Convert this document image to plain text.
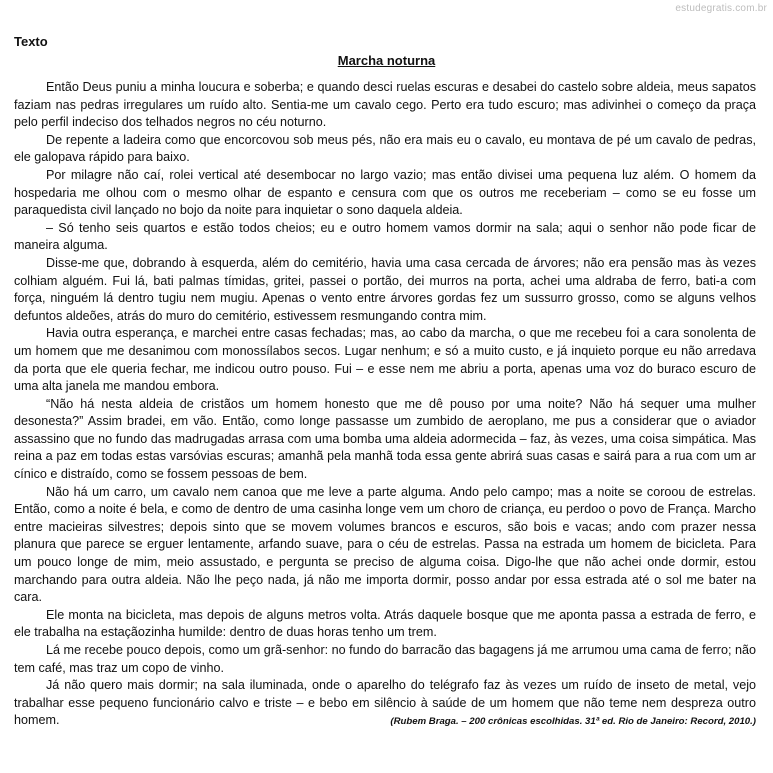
estudegratis.com.br
Texto
Marcha noturna

Então Deus puniu a minha loucura e soberba; e quando desci ruelas escuras e desabei do castelo sobre aldeia, meus sapatos faziam nas pedras irregulares um ruído alto. Sentia-me um cavalo cego. Perto era tudo escuro; mas adivinhei o começo da praça pelo perfil indeciso dos telhados negros no céu noturno.

De repente a ladeira como que encorcovou sob meus pés, não era mais eu o cavalo, eu montava de pé um cavalo de pedras, ele galopava rápido para baixo.

Por milagre não caí, rolei vertical até desembocar no largo vazio; mas então divisei uma pequena luz além. O homem da hospedaria me olhou com o mesmo olhar de espanto e censura com que os outros me receberiam – como se eu fosse um paraquedista civil lançado no bojo da noite para inquietar o sono daquela aldeia.

– Só tenho seis quartos e estão todos cheios; eu e outro homem vamos dormir na sala; aqui o senhor não pode ficar de maneira alguma.

Disse-me que, dobrando à esquerda, além do cemitério, havia uma casa cercada de árvores; não era pensão mas às vezes colhiam alguém. Fui lá, bati palmas tímidas, gritei, passei o portão, dei murros na porta, achei uma aldraba de ferro, bati-a com força, ninguém lá dentro tugiu nem mugiu. Apenas o vento entre árvores gordas fez um sussurro grosso, como se alguns velhos defuntos aldeões, atrás do muro do cemitério, estivessem resmungando contra mim.

Havia outra esperança, e marchei entre casas fechadas; mas, ao cabo da marcha, o que me recebeu foi a cara sonolenta de um homem que me desanimou com monossílabos secos. Lugar nenhum; e só a muito custo, e já inquieto porque eu não arredava da porta que ele queria fechar, me indicou outro pouso. Fui – e esse nem me abriu a porta, apenas uma voz do buraco escuro de uma alta janela me mandou embora.

“Não há nesta aldeia de cristãos um homem honesto que me dê pouso por uma noite? Não há sequer uma mulher desonesta?” Assim bradei, em vão. Então, como longe passasse um zumbido de aeroplano, me pus a considerar que o aviador assassino que no fundo das madrugadas arrasa com uma bomba uma aldeia adormecida – faz, às vezes, uma coisa simpática. Mas reina a paz em todas estas varsóvias escuras; amanhã pela manhã toda essa gente abrirá suas casas e sairá para a rua com um ar cínico e distraído, como se fossem pessoas de bem.

Não há um carro, um cavalo nem canoa que me leve a parte alguma. Ando pelo campo; mas a noite se coroou de estrelas. Então, como a noite é bela, e como de dentro de uma casinha longe vem um choro de criança, eu perdoo o povo de França. Marcho entre macieiras silvestres; depois sinto que se movem volumes brancos e escuros, são bois e vacas; ando com prazer nessa planura que parece se erguer lentamente, arfando suave, para o céu de estrelas. Passa na estrada um homem de bicicleta. Para um pouco longe de mim, meio assustado, e pergunta se preciso de alguma coisa. Digo-lhe que não achei onde dormir, estou marchando para outra aldeia. Não lhe peço nada, já não me importa dormir, posso andar por essa estrada até o sol me bater na cara.

Ele monta na bicicleta, mas depois de alguns metros volta. Atrás daquele bosque que me aponta passa a estrada de ferro, e ele trabalha na estaçãozinha humilde: dentro de duas horas tenho um trem.

Lá me recebe pouco depois, como um grã-senhor: no fundo do barracão das bagagens já me arrumou uma cama de ferro; não tem café, mas traz um copo de vinho.

Já não quero mais dormir; na sala iluminada, onde o aparelho do telégrafo faz às vezes um ruído de inseto de metal, vejo trabalhar esse pequeno funcionário calvo e triste – e bebo em silêncio à saúde de um homem que não teme nem despreza outro homem.	(Rubem Braga. – 200 crônicas escolhidas. 31ª ed. Rio de Janeiro: Record, 2010.)
